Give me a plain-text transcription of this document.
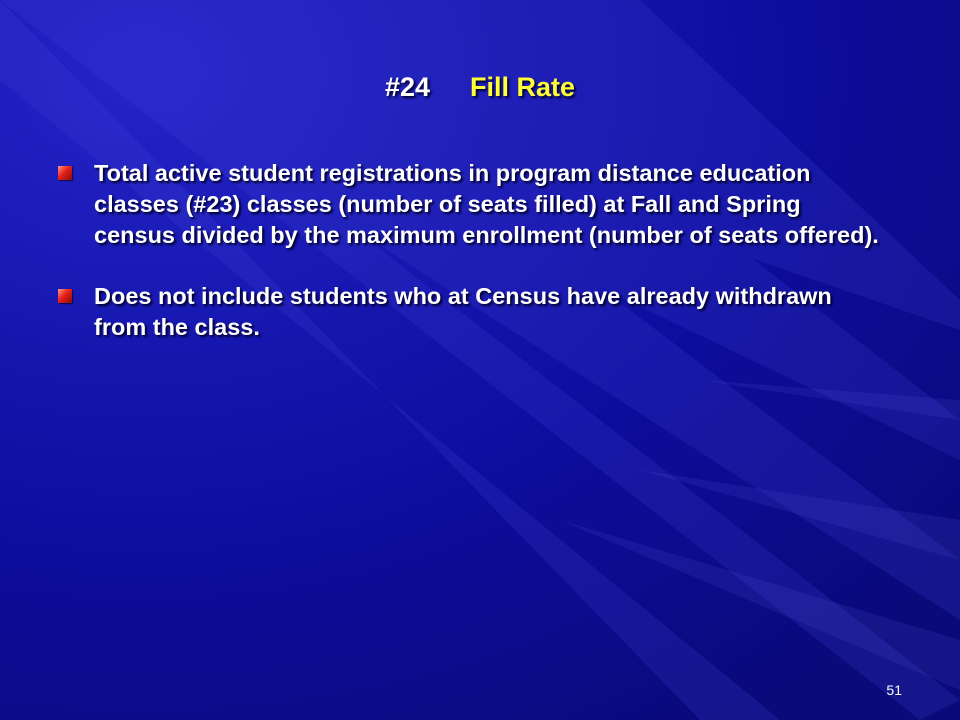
#24 Fill Rate
Total active student registrations in program distance education classes (#23) classes (number of seats filled) at Fall and Spring census divided by the maximum enrollment (number of seats offered).
Does not include students who at Census have already withdrawn from the class.
51
